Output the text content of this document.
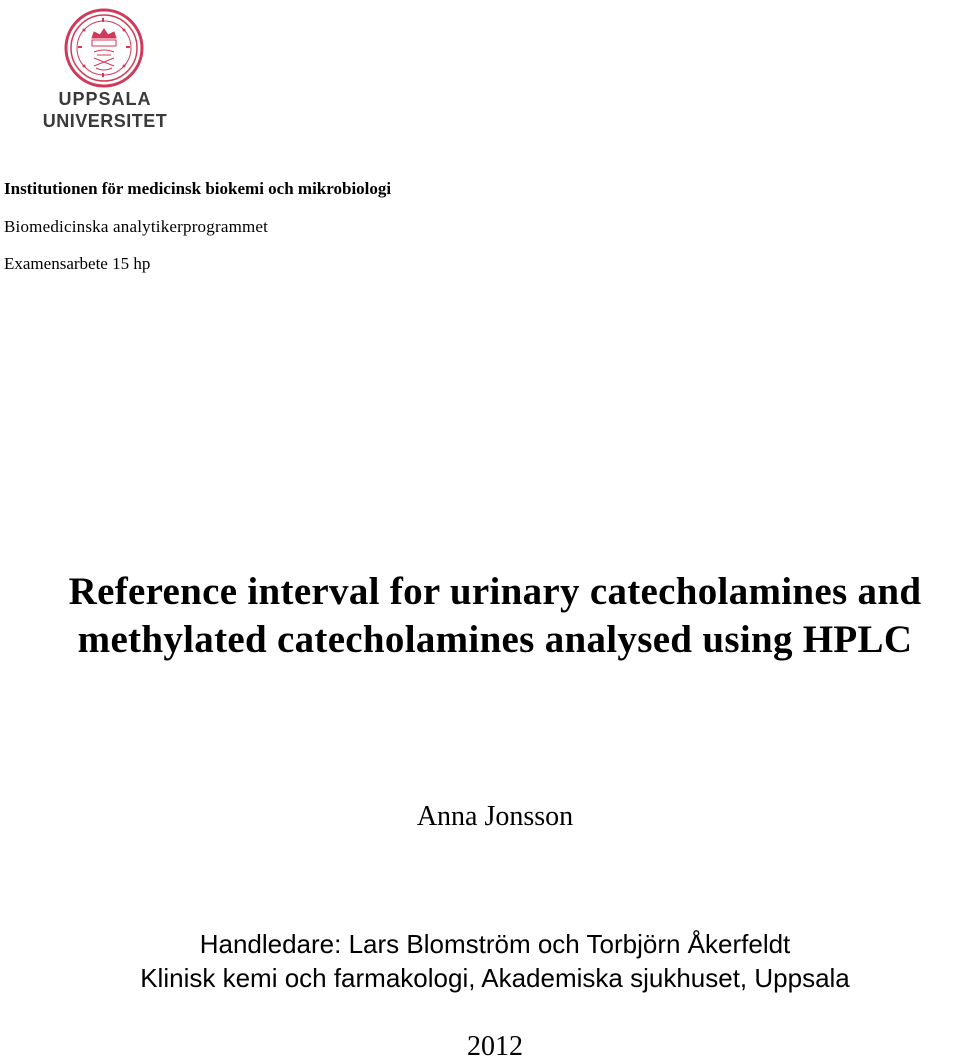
UPPSALA
UNIVERSITET
Institutionen för medicinsk biokemi och mikrobiologi
Biomedicinska analytikerprogrammet
Examensarbete 15 hp
Reference interval for urinary catecholamines and
methylated catecholamines analysed using HPLC
Anna Jonsson
Handledare: Lars Blomström och Torbjörn Åkerfeldt
Klinisk kemi och farmakologi, Akademiska sjukhuset, Uppsala
2012
